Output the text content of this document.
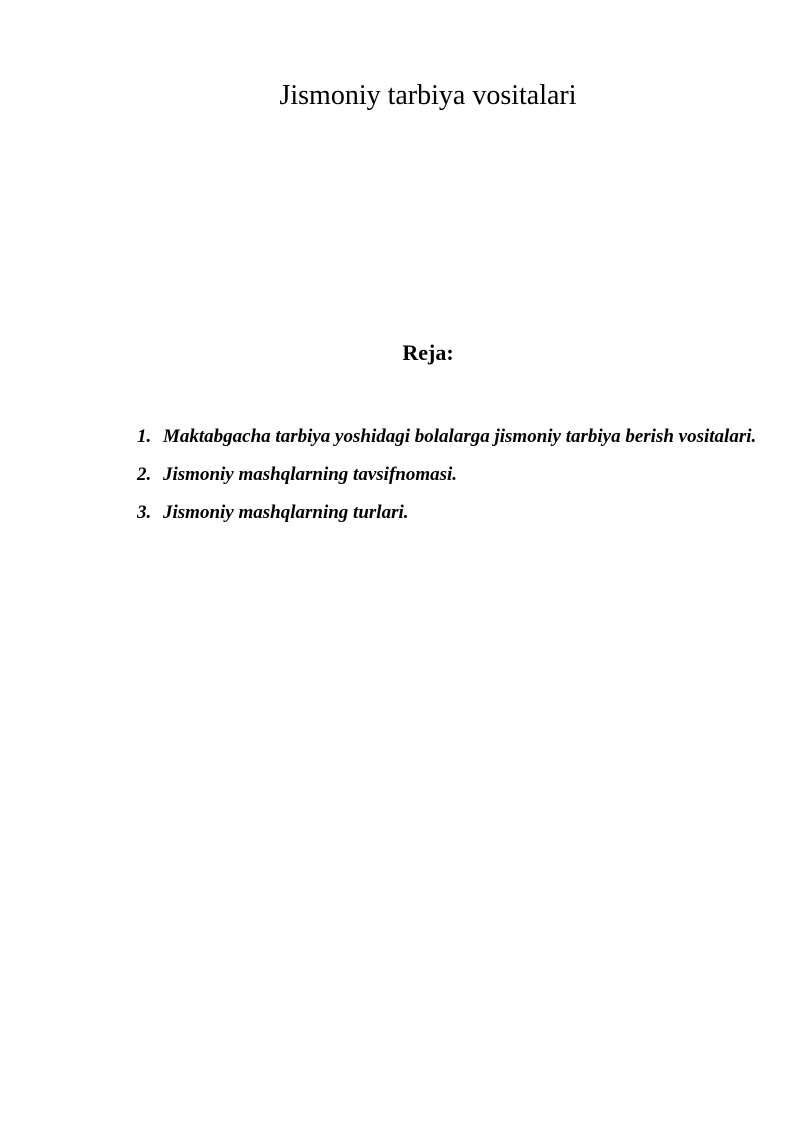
Jismoniy tarbiya vositalari
Reja:
1. Maktabgacha tarbiya yoshidagi bolalarga jismoniy tarbiya berish vositalari.
2. Jismoniy mashqlarning tavsifnomasi.
3. Jismoniy mashqlarning turlari.
